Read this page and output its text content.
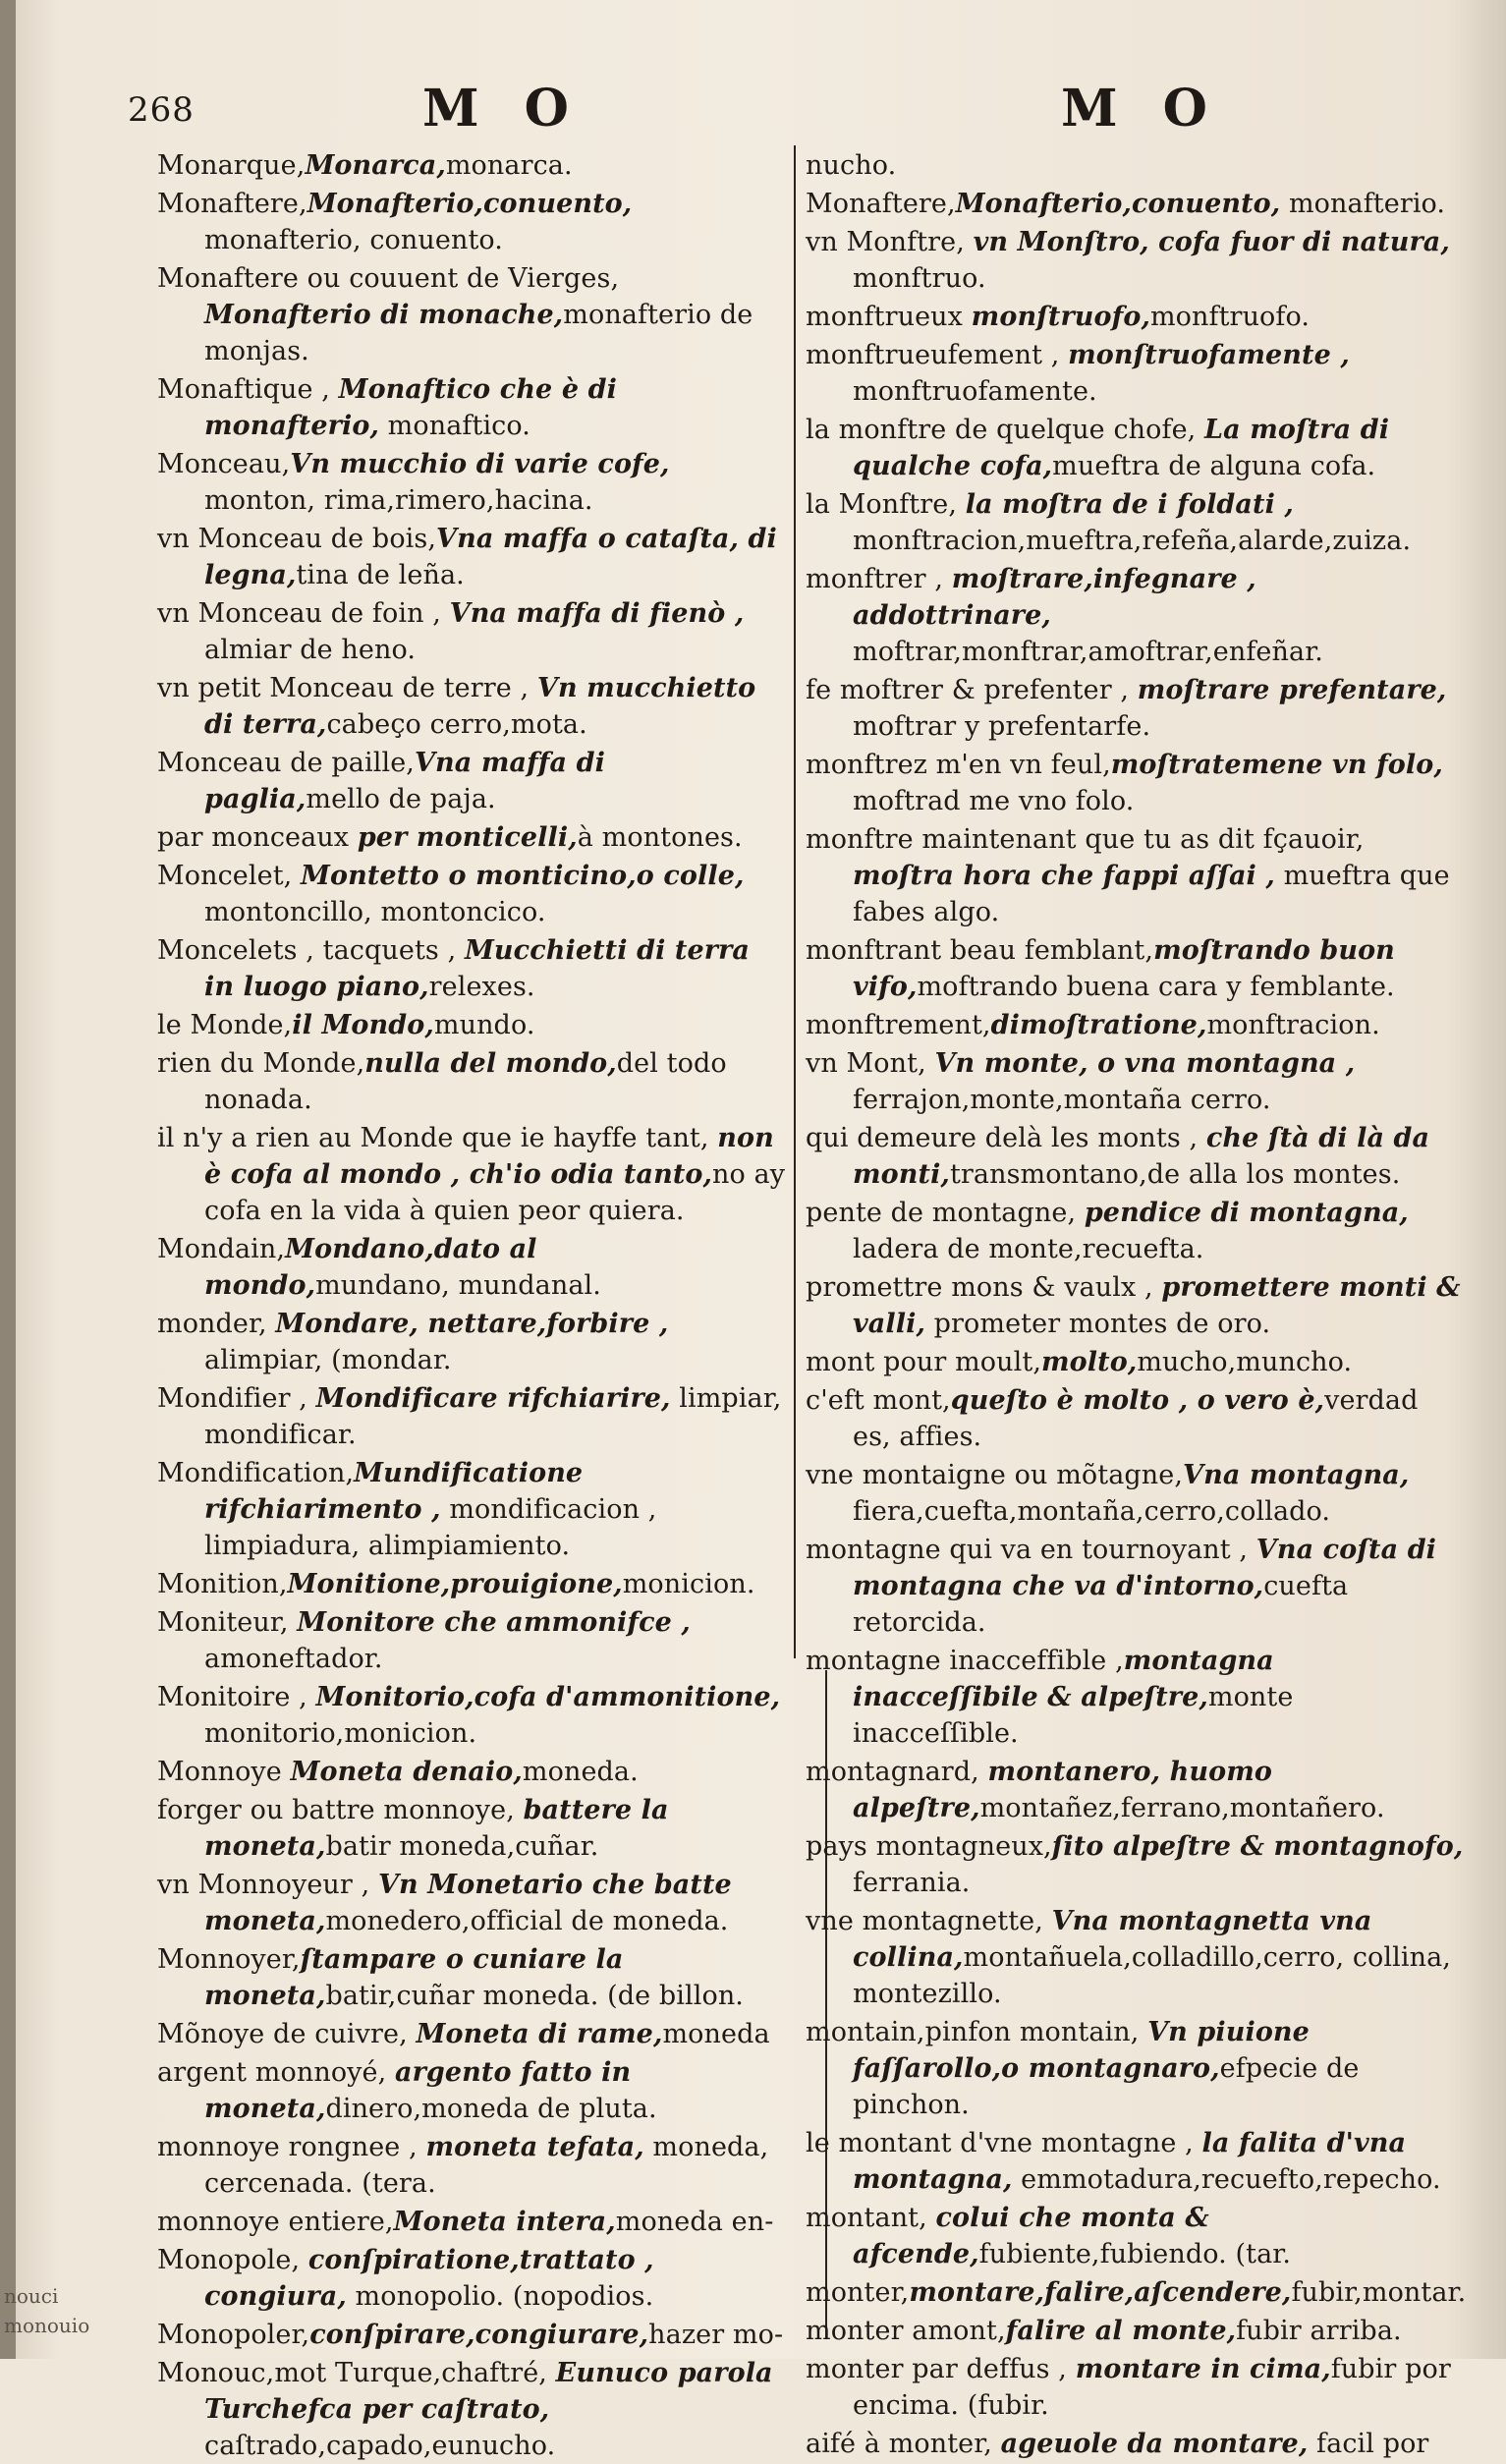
nouci
monouio
268	M O	M O
Monarque,Monarca,monarca.
Monaftere,Monafterio,conuento, monafterio, conuento.
Monaftere ou couuent de Vierges, Monafterio di monache,monafterio de monjas.
Monaftique , Monaftico che è di monafterio, monaftico.
Monceau,Vn mucchio di varie cofe, monton, rima,rimero,hacina.
vn Monceau de bois,Vna maffa o cataſta, di legna,tina de leña.
vn Monceau de foin , Vna maffa di fienò , almiar de heno.
vn petit Monceau de terre , Vn mucchietto di terra,cabeço cerro,mota.
Monceau de paille,Vna maffa di paglia,mello de paja.
par monceaux per monticelli,à montones.
Moncelet, Montetto o monticino,o colle, montoncillo, montoncico.
Moncelets , tacquets , Mucchietti di terra in luogo piano,relexes.
le Monde,il Mondo,mundo.
rien du Monde,nulla del mondo,del todo nonada.
il n'y a rien au Monde que ie hayffe tant, non è cofa al mondo , ch'io odia tanto,no ay cofa en la vida à quien peor quiera.
Mondain,Mondano,dato al mondo,mundano, mundanal.
monder, Mondare, nettare,forbire , alimpiar, (mondar.
Mondifier , Mondificare rifchiarire, limpiar, mondificar.
Mondification,Mundificatione rifchiarimento , mondificacion , limpiadura, alimpiamiento.
Monition,Monitione,prouigione,monicion.
Moniteur, Monitore che ammonifce , amoneftador.
Monitoire , Monitorio,cofa d'ammonitione, monitorio,monicion.
Monnoye Moneta denaio,moneda.
forger ou battre monnoye, battere la moneta,batir moneda,cuñar.
vn Monnoyeur , Vn Monetario che batte moneta,monedero,official de moneda.
Monnoyer,ſtampare o cuniare la moneta,batir,cuñar moneda. (de billon.
Mõnoye de cuivre, Moneta di rame,moneda
argent monnoyé, argento fatto in moneta,dinero,moneda de pluta.
monnoye rongnee , moneta tefata, moneda, cercenada. (tera.
monnoye entiere,Moneta intera,moneda en-
Monopole, conſpiratione,trattato , congiura, monopolio. (nopodios.
Monopoler,conſpirare,congiurare,hazer mo-
Monouc,mot Turque,chaftré, Eunuco parola Turchefca per caſtrato, caſtrado,capado,eunucho.
nucho.
Monaftere,Monafterio,conuento, monafterio.
vn Monftre, vn Monſtro, cofa fuor di natura, monftruo.
monftrueux monſtruofo,monftruofo.
monftrueufement , monſtruofamente , monftruofamente.
la monftre de quelque chofe, La moſtra di qualche cofa,mueftra de alguna cofa.
la Monftre, la moſtra de i foldati , monftracion,mueftra,refeña,alarde,zuiza.
monftrer , moſtrare,infegnare , addottrinare, moftrar,monftrar,amoftrar,enfeñar.
fe moftrer & prefenter , moſtrare prefentare, moftrar y prefentarfe.
monftrez m'en vn feul,moſtratemene vn folo, moftrad me vno folo.
monftre maintenant que tu as dit fçauoir, moſtra hora che fappi aſſai , mueftra que fabes algo.
monftrant beau femblant,moſtrando buon vifo,moftrando buena cara y femblante.
monftrement,dimoſtratione,monftracion.
vn Mont, Vn monte, o vna montagna , ferrajon,monte,montaña cerro.
qui demeure delà les monts , che ſtà di là da monti,transmontano,de alla los montes.
pente de montagne, pendice di montagna, ladera de monte,recuefta.
promettre mons & vaulx , promettere monti & valli, prometer montes de oro.
mont pour moult,molto,mucho,muncho.
c'eft mont,queſto è molto , o vero è,verdad es, affies.
vne montaigne ou mõtagne,Vna montagna, fiera,cuefta,montaña,cerro,collado.
montagne qui va en tournoyant , Vna coſta di montagna che va d'intorno,cuefta retorcida.
montagne inacceffible ,montagna inacceſſibile & alpeſtre,monte inacceſſible.
montagnard, montanero, huomo alpeſtre,montañez,ferrano,montañero.
pays montagneux,ſito alpeſtre & montagnofo, ferrania.
vne montagnette, Vna montagnetta vna collina,montañuela,colladillo,cerro, collina, montezillo.
montain,pinfon montain, Vn piuione faſſarollo,o montagnaro,efpecie de pinchon.
le montant d'vne montagne , la falita d'vna montagna, emmotadura,recuefto,repecho.
montant, colui che monta & afcende,fubiente,fubiendo. (tar.
monter,montare,falire,aſcendere,fubir,montar.
monter amont,falire al monte,fubir arriba.
monter par deffus , montare in cima,fubir por encima. (fubir.
aifé à monter, ageuole da montare, facil por
